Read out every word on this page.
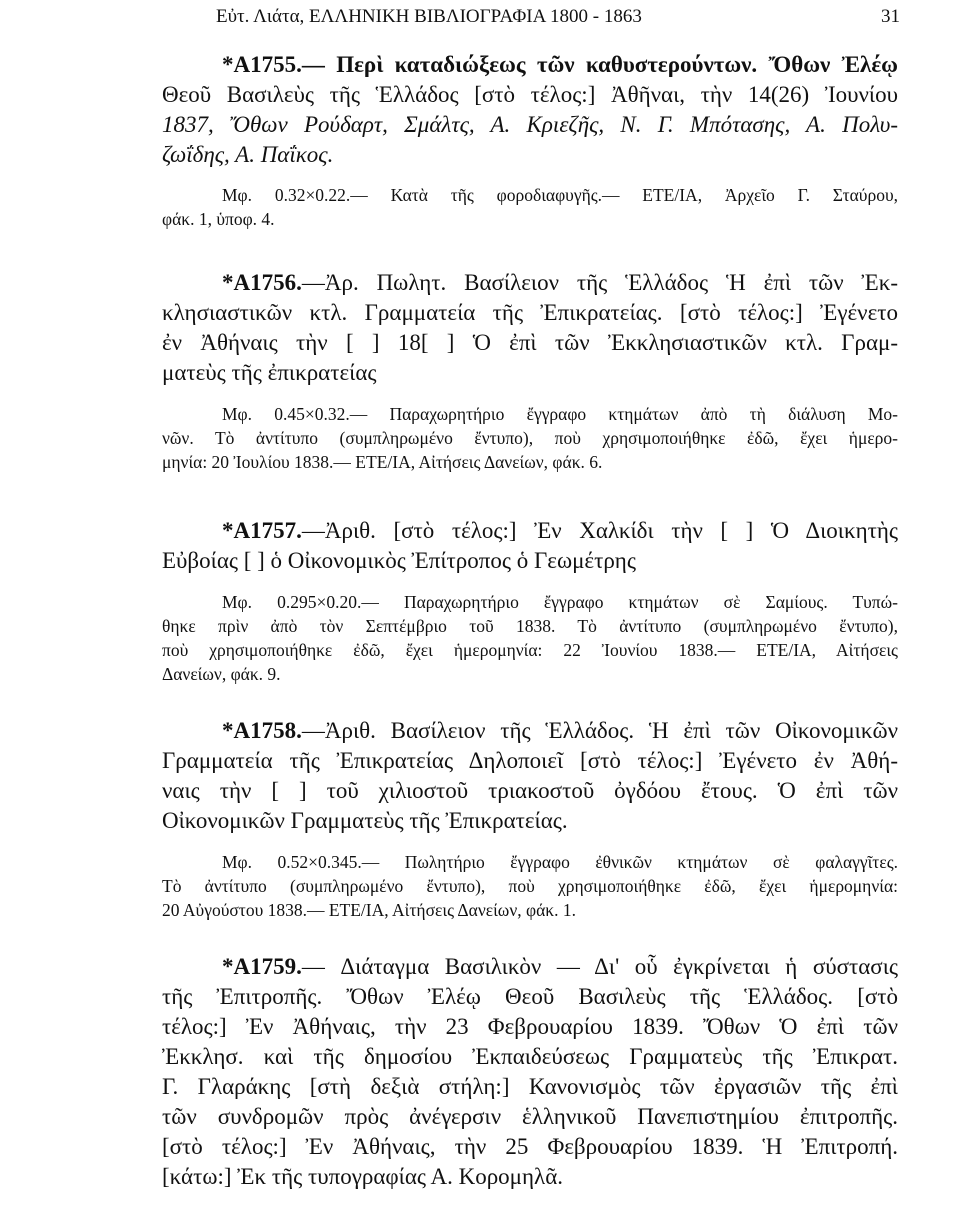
Εὐτ. Λιάτα, ΕΛΛΗΝΙΚΗ ΒΙΒΛΙΟΓΡΑΦΙΑ 1800 - 1863	31
*A1755.— Περὶ καταδιώξεως τῶν καθυστερούντων. Ὄθων Ἐλέῳ
Θεοῦ Βασιλεὺς τῆς Ἑλλάδος [στὸ τέλος:] Ἀθῆναι, τὴν 14(26) Ἰουνίου
1837, Ὄθων Ρούδαρτ, Σμάλτς, Α. Κριεζῆς, Ν. Γ. Μπότασης, Α. Πολυ-
ζωΐδης, Α. Παΐκος.
Μφ. 0.32×0.22.— Κατὰ τῆς φοροδιαφυγῆς.— ΕΤΕ/ΙΑ, Ἀρχεῖο Γ. Σταύρου,
φάκ. 1, ὑποφ. 4.
*A1756.—Ἀρ. Πωλητ. Βασίλειον τῆς Ἑλλάδος Ἡ ἐπὶ τῶν Ἐκ-
κλησιαστικῶν κτλ. Γραμματεία τῆς Ἐπικρατείας. [στὸ τέλος:] Ἐγένετο
ἐν Ἀθήναις τὴν [ ] 18[ ] Ὁ ἐπὶ τῶν Ἐκκλησιαστικῶν κτλ. Γραμ-
ματεὺς τῆς ἐπικρατείας
Μφ. 0.45×0.32.— Παραχωρητήριο ἔγγραφο κτημάτων ἀπὸ τὴ διάλυση Μο-
νῶν. Τὸ ἀντίτυπο (συμπληρωμένο ἔντυπο), ποὺ χρησιμοποιήθηκε ἐδῶ, ἔχει ἡμερο-
μηνία: 20 Ἰουλίου 1838.— ΕΤΕ/ΙΑ, Αἰτήσεις Δανείων, φάκ. 6.
*A1757.—Ἀριθ. [στὸ τέλος:] Ἐν Χαλκίδι τὴν [ ] Ὁ Διοικητὴς
Εὐβοίας [ ] ὁ Οἰκονομικὸς Ἐπίτροπος ὁ Γεωμέτρης
Μφ. 0.295×0.20.— Παραχωρητήριο ἔγγραφο κτημάτων σὲ Σαμίους. Τυπώ-
θηκε πρὶν ἀπὸ τὸν Σεπτέμβριο τοῦ 1838. Τὸ ἀντίτυπο (συμπληρωμένο ἔντυπο),
ποὺ χρησιμοποιήθηκε ἐδῶ, ἔχει ἡμερομηνία: 22 Ἰουνίου 1838.— ΕΤΕ/ΙΑ, Αἰτήσεις
Δανείων, φάκ. 9.
*A1758.—Ἀριθ. Βασίλειον τῆς Ἑλλάδος. Ἡ ἐπὶ τῶν Οἰκονομικῶν
Γραμματεία τῆς Ἐπικρατείας Δηλοποιεῖ [στὸ τέλος:] Ἐγένετο ἐν Ἀθή-
ναις τὴν [ ] τοῦ χιλιοστοῦ τριακοστοῦ ὀγδόου ἔτους. Ὁ ἐπὶ τῶν
Οἰκονομικῶν Γραμματεὺς τῆς Ἐπικρατείας.
Μφ. 0.52×0.345.— Πωλητήριο ἔγγραφο ἐθνικῶν κτημάτων σὲ φαλαγγῖτες.
Τὸ ἀντίτυπο (συμπληρωμένο ἔντυπο), ποὺ χρησιμοποιήθηκε ἐδῶ, ἔχει ἡμερομηνία:
20 Αὐγούστου 1838.— ΕΤΕ/ΙΑ, Αἰτήσεις Δανείων, φάκ. 1.
*A1759.— Διάταγμα Βασιλικὸν — Δι' οὗ ἐγκρίνεται ἡ σύστασις
τῆς Ἐπιτροπῆς. Ὄθων Ἐλέῳ Θεοῦ Βασιλεὺς τῆς Ἑλλάδος. [στὸ
τέλος:] Ἐν Ἀθήναις, τὴν 23 Φεβρουαρίου 1839. Ὄθων Ὁ ἐπὶ τῶν
Ἐκκλησ. καὶ τῆς δημοσίου Ἐκπαιδεύσεως Γραμματεὺς τῆς Ἐπικρατ.
Γ. Γλαράκης [στὴ δεξιὰ στήλη:] Κανονισμὸς τῶν ἐργασιῶν τῆς ἐπὶ
τῶν συνδρομῶν πρὸς ἀνέγερσιν ἑλληνικοῦ Πανεπιστημίου ἐπιτροπῆς.
[στὸ τέλος:] Ἐν Ἀθήναις, τὴν 25 Φεβρουαρίου 1839. Ἡ Ἐπιτροπή.
[κάτω:] Ἐκ τῆς τυπογραφίας Α. Κορομηλᾶ.
